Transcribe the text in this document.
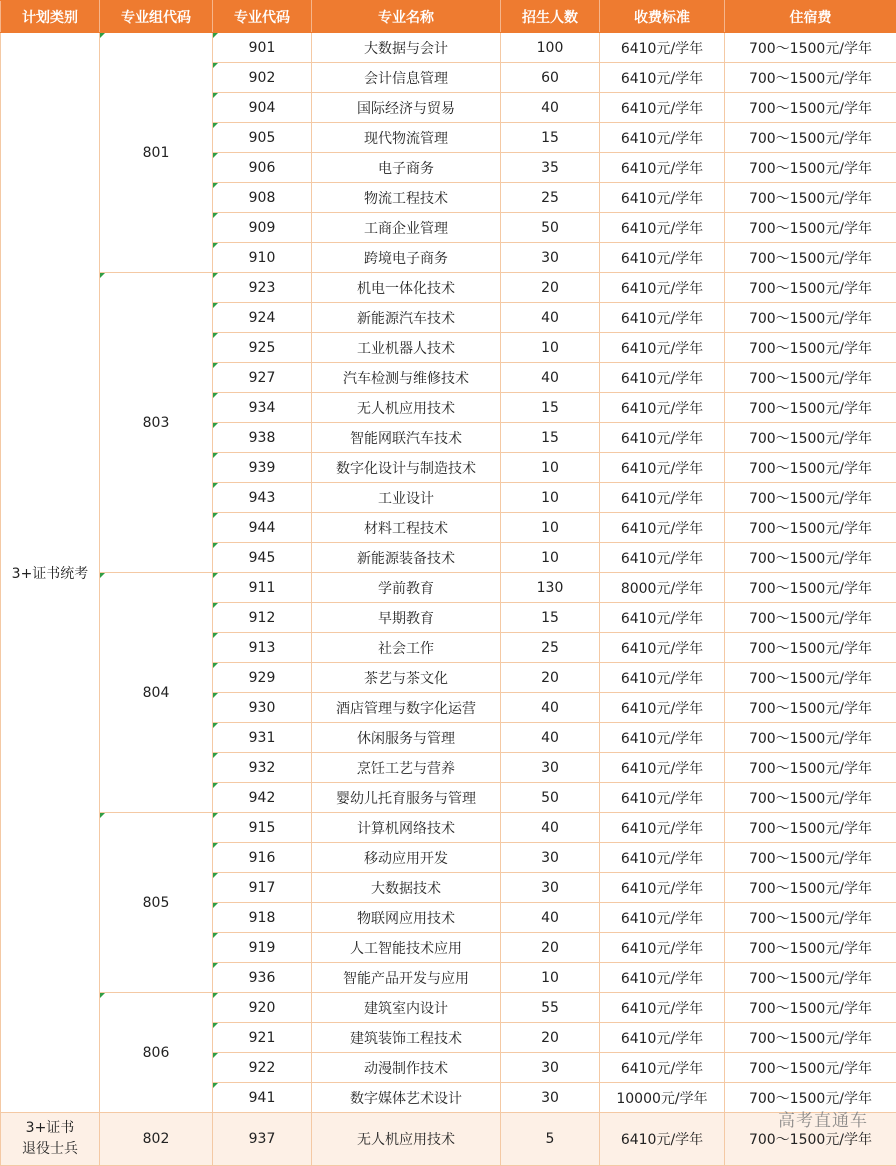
计划类别	专业组代码	专业代码	专业名称	招生人数	收费标准	住宿费
3+证书统考	801	901	大数据与会计	100	6410元/学年	700～1500元/学年
		902	会计信息管理	60	6410元/学年	700～1500元/学年
		904	国际经济与贸易	40	6410元/学年	700～1500元/学年
		905	现代物流管理	15	6410元/学年	700～1500元/学年
		906	电子商务	35	6410元/学年	700～1500元/学年
		908	物流工程技术	25	6410元/学年	700～1500元/学年
		909	工商企业管理	50	6410元/学年	700～1500元/学年
		910	跨境电子商务	30	6410元/学年	700～1500元/学年
	803	923	机电一体化技术	20	6410元/学年	700～1500元/学年
		924	新能源汽车技术	40	6410元/学年	700～1500元/学年
		925	工业机器人技术	10	6410元/学年	700～1500元/学年
		927	汽车检测与维修技术	40	6410元/学年	700～1500元/学年
		934	无人机应用技术	15	6410元/学年	700～1500元/学年
		938	智能网联汽车技术	15	6410元/学年	700～1500元/学年
		939	数字化设计与制造技术	10	6410元/学年	700～1500元/学年
		943	工业设计	10	6410元/学年	700～1500元/学年
		944	材料工程技术	10	6410元/学年	700～1500元/学年
		945	新能源装备技术	10	6410元/学年	700～1500元/学年
	804	911	学前教育	130	8000元/学年	700～1500元/学年
		912	早期教育	15	6410元/学年	700～1500元/学年
		913	社会工作	25	6410元/学年	700～1500元/学年
		929	茶艺与茶文化	20	6410元/学年	700～1500元/学年
		930	酒店管理与数字化运营	40	6410元/学年	700～1500元/学年
		931	休闲服务与管理	40	6410元/学年	700～1500元/学年
		932	烹饪工艺与营养	30	6410元/学年	700～1500元/学年
		942	婴幼儿托育服务与管理	50	6410元/学年	700～1500元/学年
	805	915	计算机网络技术	40	6410元/学年	700～1500元/学年
		916	移动应用开发	30	6410元/学年	700～1500元/学年
		917	大数据技术	30	6410元/学年	700～1500元/学年
		918	物联网应用技术	40	6410元/学年	700～1500元/学年
		919	人工智能技术应用	20	6410元/学年	700～1500元/学年
		936	智能产品开发与应用	10	6410元/学年	700～1500元/学年
	806	920	建筑室内设计	55	6410元/学年	700～1500元/学年
		921	建筑装饰工程技术	20	6410元/学年	700～1500元/学年
		922	动漫制作技术	30	6410元/学年	700～1500元/学年
		941	数字媒体艺术设计	30	10000元/学年	700～1500元/学年

3+证书
退役士兵	802	937	无人机应用技术	5	6410元/学年	700～1500元/学年
高考直通车
